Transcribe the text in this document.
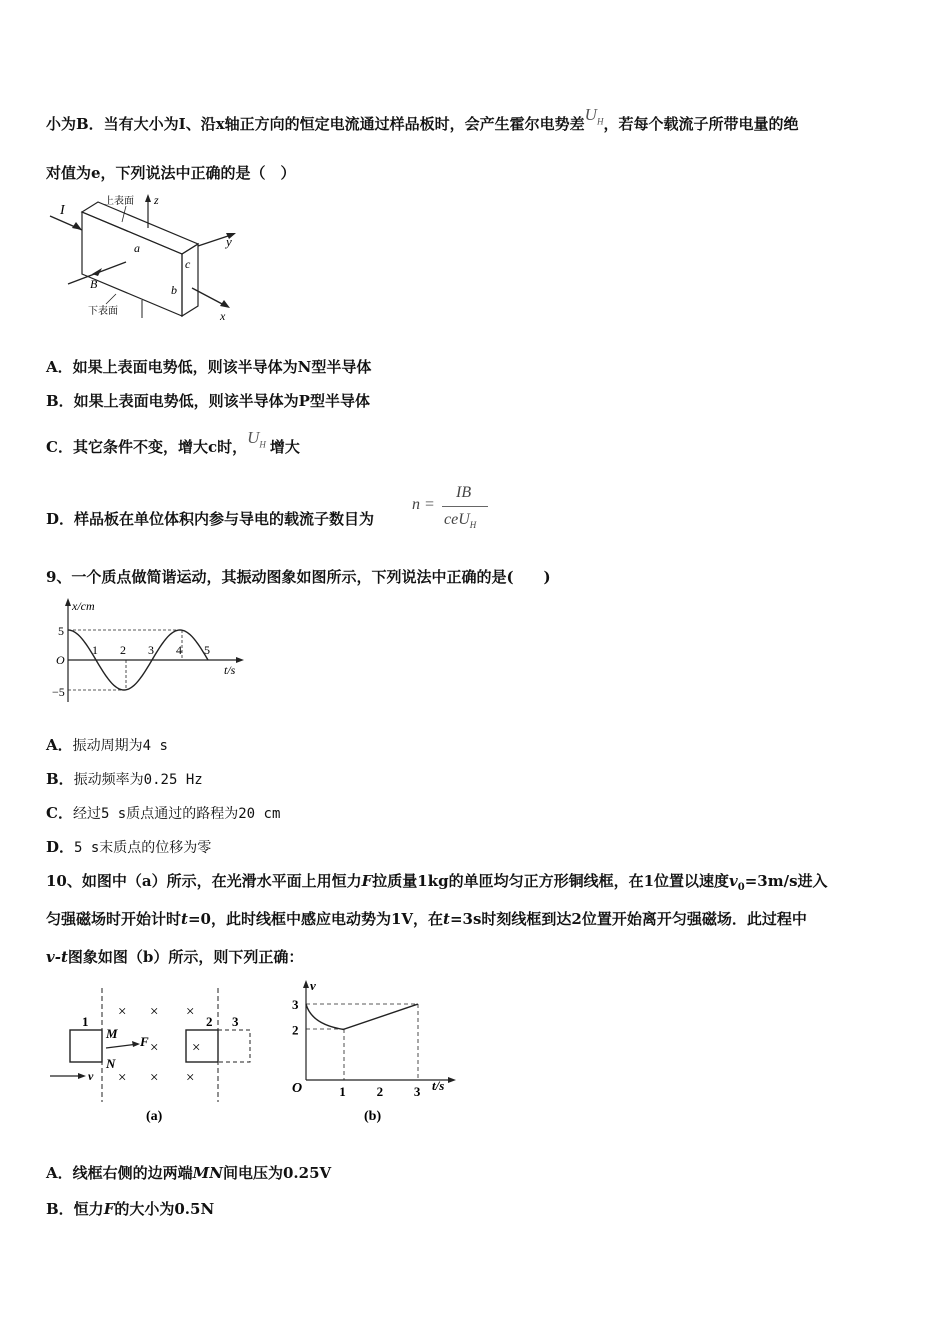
小为B．当有大小为I、沿x轴正方向的恒定电流通过样品板时，会产生霍尔电势差$U_H$，若每个载流子所带电量的绝
对值为e，下列说法中正确的是（　）
I
上表面 z
a	y
c
b
B
下表面	x
A．如果上表面电势低，则该半导体为N型半导体
B．如果上表面电势低，则该半导体为P型半导体
C．其它条件不变，增大c时，$U_H$ 增大
D．样品板在单位体积内参与导电的载流子数目为
n =
IB
ceU$_H$
9、一个质点做简谐运动，其振动图象如图所示，下列说法中正确的是(　　)
x/cm
t/s
5
O
−5
1 2 3 4 5
A．振动周期为4 s
B．振动频率为0.25 Hz
C．经过5 s质点通过的路程为20 cm
D．5 s末质点的位移为零
10、如图中（a）所示，在光滑水平面上用恒力F拉质量1kg的单匝均匀正方形铜线框，在1位置以速度$v_0=3m/s$进入
匀强磁场时开始计时t=0，此时线框中感应电动势为1V，在t=3s时刻线框到达2位置开始离开匀强磁场．此过程中
v-t图象如图（b）所示，则下列正确：
1	2 3
M
N
F
v
× × ×
× ×
× × ×
(a)
v
t/s
O
2
3
1 2 3
(b)
A．线框右侧的边两端MN间电压为0.25V
B．恒力F的大小为0.5N
